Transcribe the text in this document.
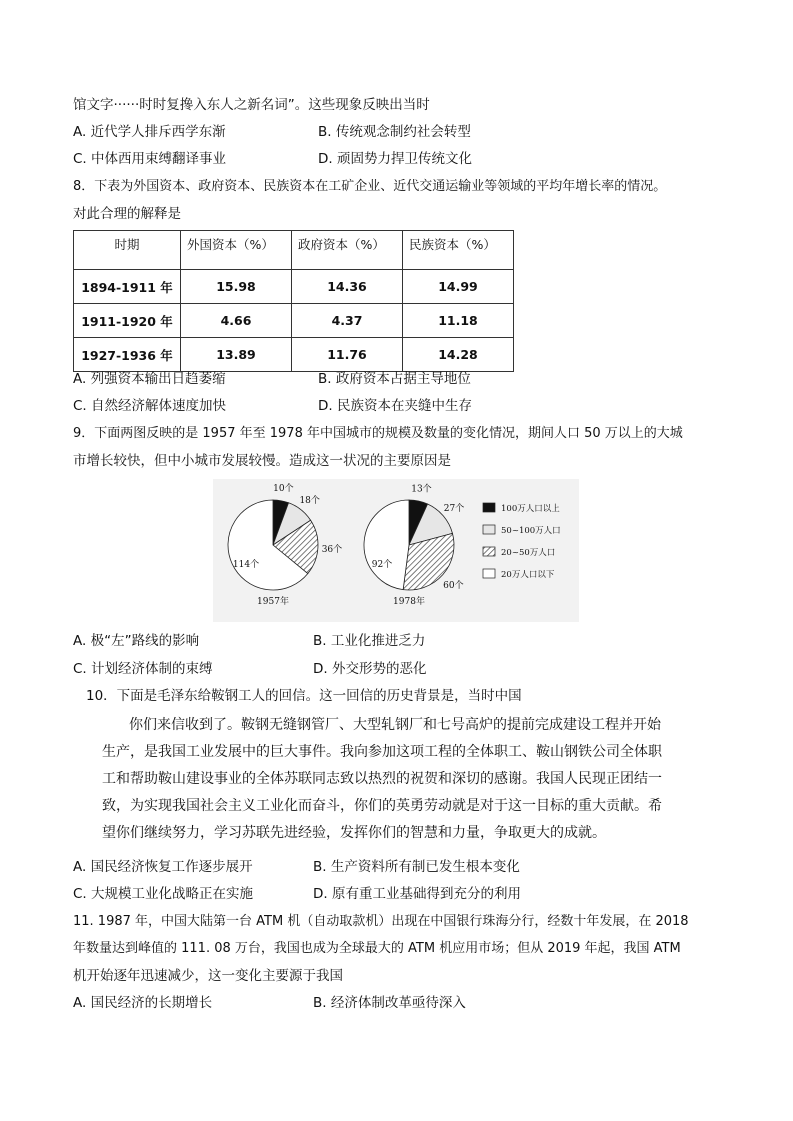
馆文字······时时复搀入东人之新名词”。这些现象反映出当时
A. 近代学人排斥西学东渐	B. 传统观念制约社会转型
C. 中体西用束缚翻译事业	D. 顽固势力捍卫传统文化
8．下表为外国资本、政府资本、民族资本在工矿企业、近代交通运输业等领域的平均年增长率的情况。
对此合理的解释是
时期	外国资本（%）	政府资本（%）	民族资本（%）
1894-1911 年	15.98	14.36	14.99
1911-1920 年	4.66	4.37	11.18
1927-1936 年	13.89	11.76	14.28
A. 列强资本输出日趋萎缩	B. 政府资本占据主导地位
C. 自然经济解体速度加快	D. 民族资本在夹缝中生存
9．下面两图反映的是 1957 年至 1978 年中国城市的规模及数量的变化情况，期间人口 50 万以上的大城
市增长较快，但中小城市发展较慢。造成这一状况的主要原因是
10个
18个
36个
114个
1957年
13个
27个
60个
92个
1978年
100万人口以上
50~100万人口
20~50万人口
20万人口以下
A. 极“左”路线的影响	B. 工业化推进乏力
C. 计划经济体制的束缚	D. 外交形势的恶化
10．下面是毛泽东给鞍钢工人的回信。这一回信的历史背景是，当时中国
你们来信收到了。鞍钢无缝钢管厂、大型轧钢厂和七号高炉的提前完成建设工程并开始
生产，是我国工业发展中的巨大事件。我向参加这项工程的全体职工、鞍山钢铁公司全体职
工和帮助鞍山建设事业的全体苏联同志致以热烈的祝贺和深切的感谢。我国人民现正团结一
致，为实现我国社会主义工业化而奋斗，你们的英勇劳动就是对于这一目标的重大贡献。希
望你们继续努力，学习苏联先进经验，发挥你们的智慧和力量，争取更大的成就。
A. 国民经济恢复工作逐步展开	B. 生产资料所有制已发生根本变化
C. 大规模工业化战略正在实施	D. 原有重工业基础得到充分的利用
11. 1987 年，中国大陆第一台 ATM 机（自动取款机）出现在中国银行珠海分行，经数十年发展，在 2018
年数量达到峰值的 111. 08 万台，我国也成为全球最大的 ATM 机应用市场；但从 2019 年起，我国 ATM
机开始逐年迅速减少，这一变化主要源于我国
A. 国民经济的长期增长	B. 经济体制改革亟待深入
